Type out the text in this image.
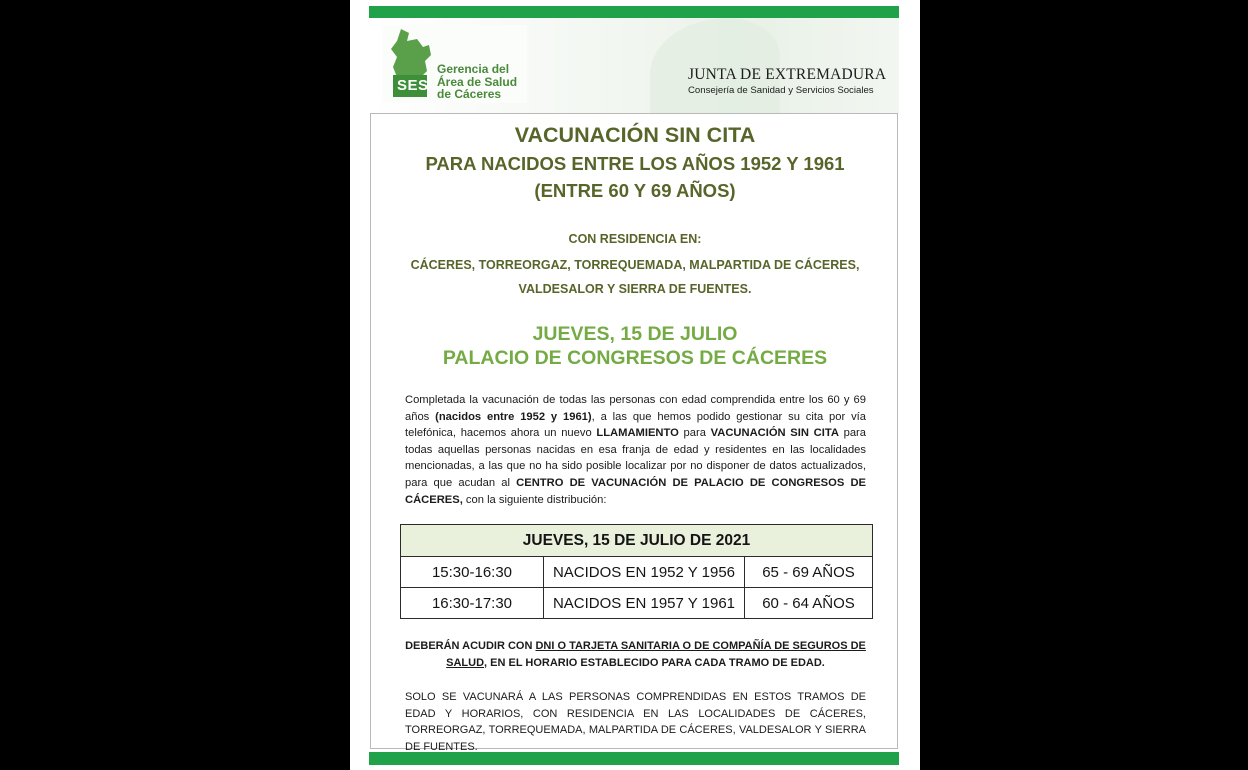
SES
Gerencia del
Área de Salud
de Cáceres
JUNTA DE EXTREMADURA
Consejería de Sanidad y Servicios Sociales
VACUNACIÓN SIN CITA
PARA NACIDOS ENTRE LOS AÑOS 1952 Y 1961
(ENTRE 60 Y 69 AÑOS)
CON RESIDENCIA EN:
CÁCERES, TORREORGAZ, TORREQUEMADA, MALPARTIDA DE CÁCERES,
VALDESALOR Y SIERRA DE FUENTES.
JUEVES, 15 DE JULIO
PALACIO DE CONGRESOS DE CÁCERES
Completada la vacunación de todas las personas con edad comprendida entre los 60 y 69 años (nacidos entre 1952 y 1961), a las que hemos podido gestionar su cita por vía telefónica, hacemos ahora un nuevo LLAMAMIENTO para VACUNACIÓN SIN CITA para todas aquellas personas nacidas en esa franja de edad y residentes en las localidades mencionadas, a las que no ha sido posible localizar por no disponer de datos actualizados, para que acudan al CENTRO DE VACUNACIÓN DE PALACIO DE CONGRESOS DE CÁCERES, con la siguiente distribución:
JUEVES, 15 DE JULIO DE 2021		
15:30-16:30	NACIDOS EN 1952 Y 1956	65 - 69 AÑOS
16:30-17:30	NACIDOS EN 1957 Y 1961	60 - 64 AÑOS
DEBERÁN ACUDIR CON DNI O TARJETA SANITARIA O DE COMPAÑÍA DE SEGUROS DE SALUD, EN EL HORARIO ESTABLECIDO PARA CADA TRAMO DE EDAD.
SOLO SE VACUNARÁ A LAS PERSONAS COMPRENDIDAS EN ESTOS TRAMOS DE EDAD Y HORARIOS, CON RESIDENCIA EN LAS LOCALIDADES DE CÁCERES, TORREORGAZ, TORREQUEMADA, MALPARTIDA DE CÁCERES, VALDESALOR Y SIERRA DE FUENTES.
